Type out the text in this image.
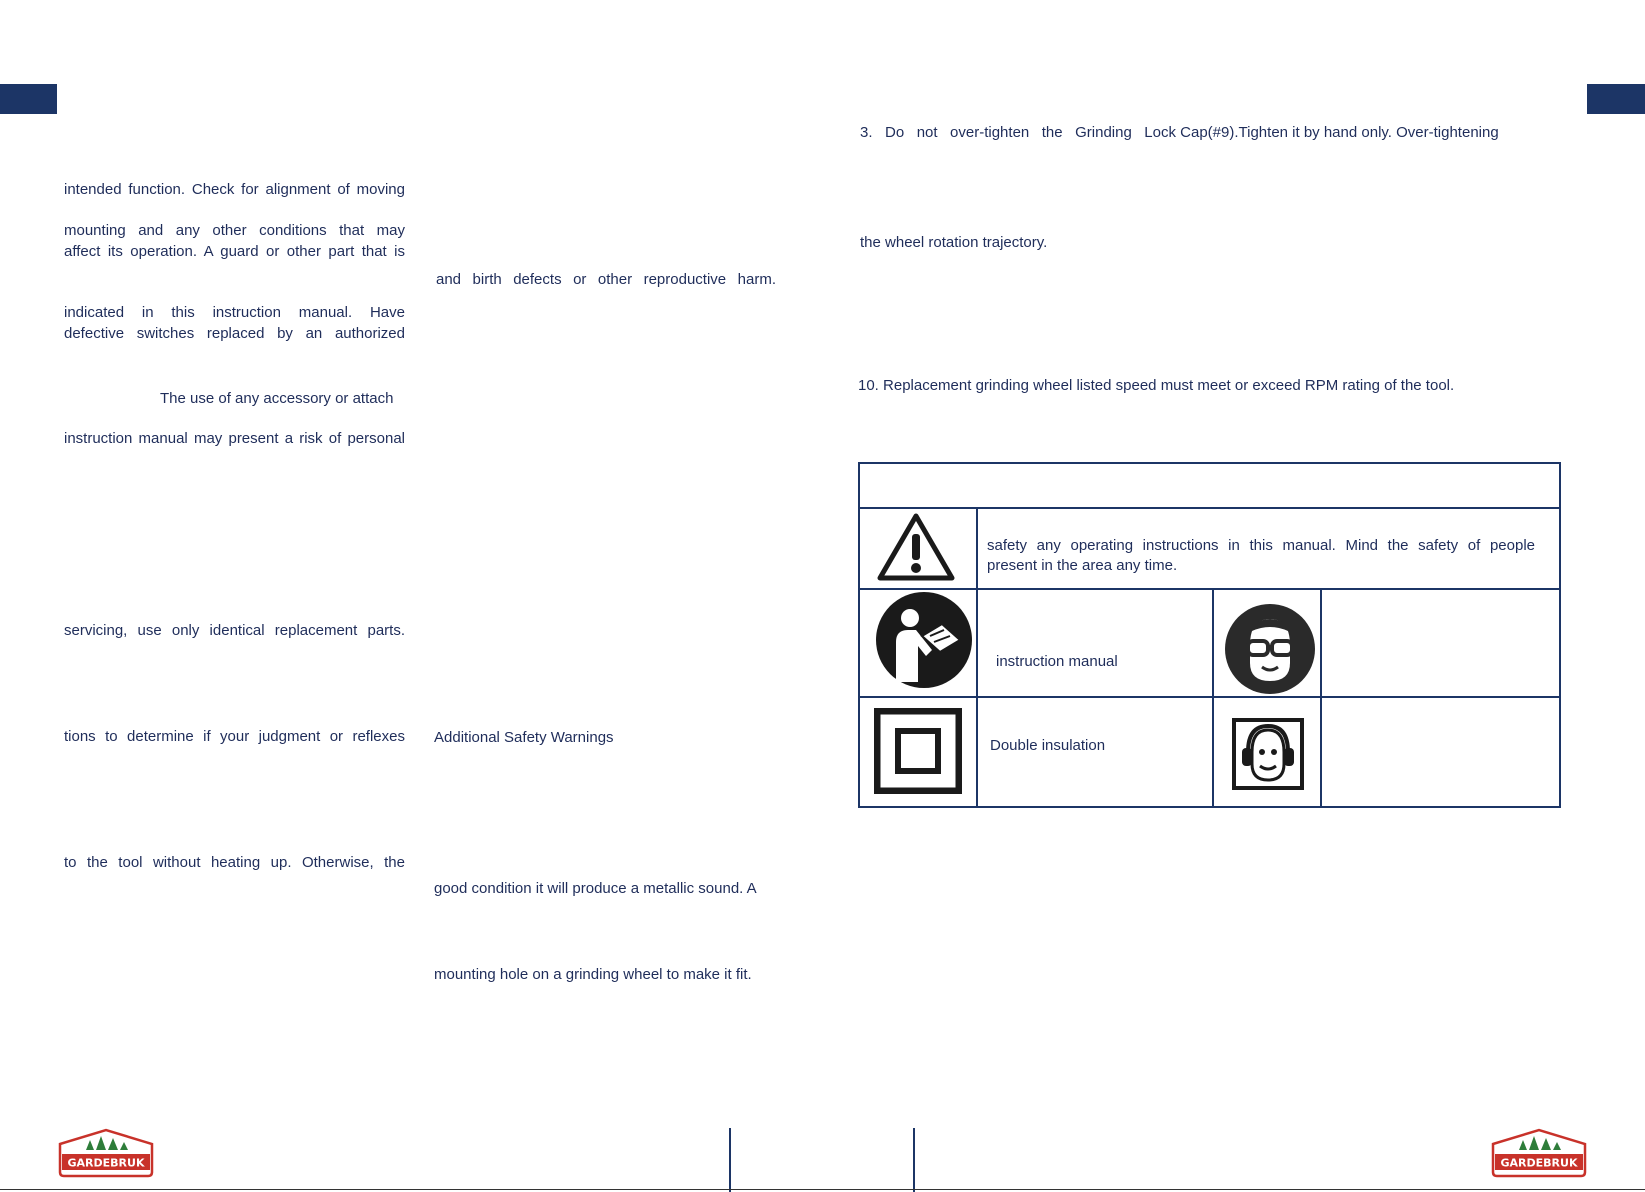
intended function. Check for alignment of moving
mounting and any other conditions that may
affect its operation. A guard or other part that is
indicated in this instruction manual. Have
defective switches replaced by an authorized
The use of any accessory or attach
instruction manual may present a risk of personal
servicing, use only identical replacement parts.
tions to determine if your judgment or reflexes
to the tool without heating up. Otherwise, the
and birth defects or other reproductive harm.
Additional Safety Warnings
good condition it will produce a metallic sound. A
mounting hole on a grinding wheel to make it fit.
3.   Do   not   over-tighten   the   Grinding   Lock Cap(#9).Tighten it by hand only. Over-tightening
the wheel rotation trajectory.
10. Replacement grinding wheel listed speed must meet or exceed RPM rating of the tool.
safety any operating instructions in this manual. Mind the safety of people
present in the area any time.
instruction manual
Double insulation
GARDEBRUK	GARDEBRUK
